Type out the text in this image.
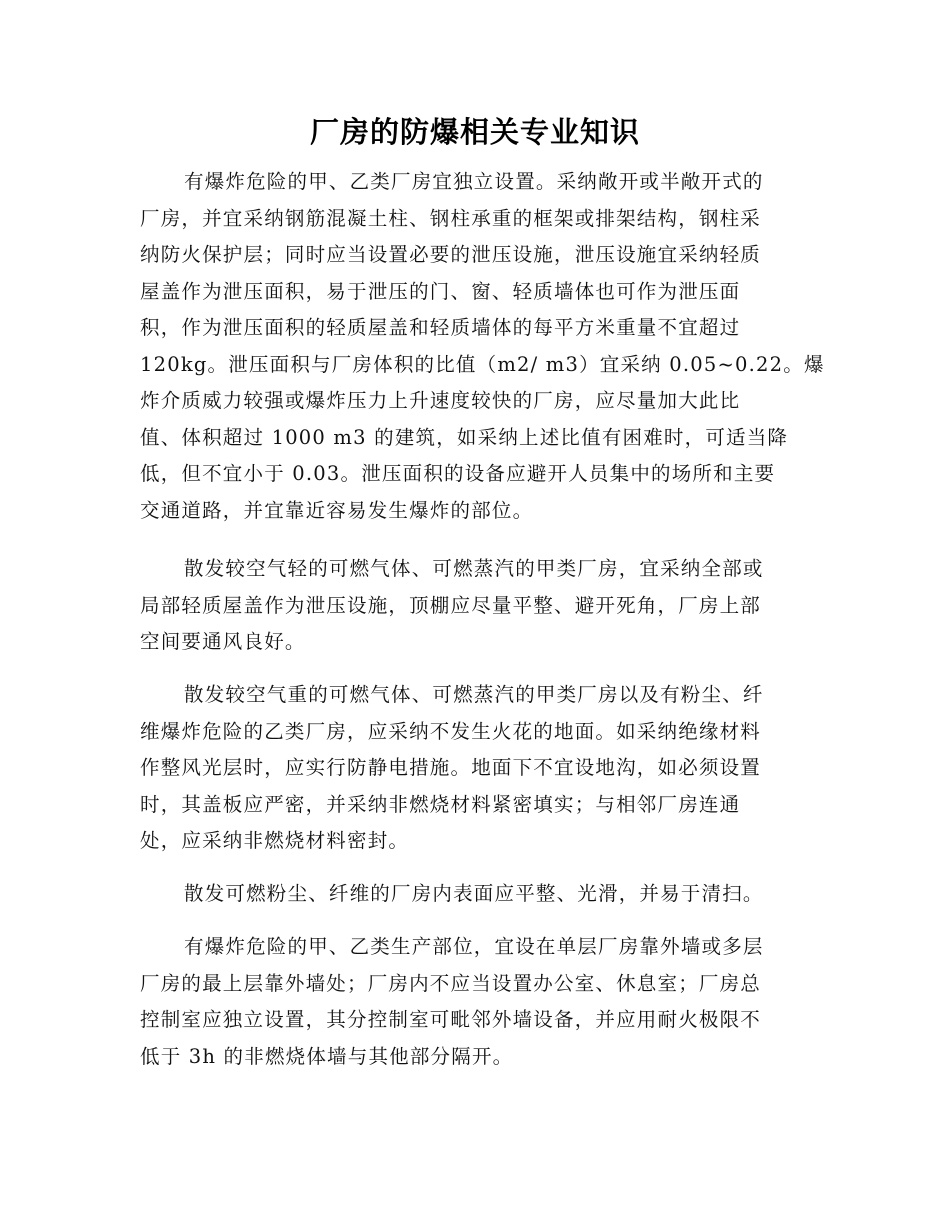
厂房的防爆相关专业知识

有爆炸危险的甲、乙类厂房宜独立设置。采纳敞开或半敞开式的
厂房，并宜采纳钢筋混凝土柱、钢柱承重的框架或排架结构，钢柱采
纳防火保护层；同时应当设置必要的泄压设施，泄压设施宜采纳轻质
屋盖作为泄压面积，易于泄压的门、窗、轻质墙体也可作为泄压面
积，作为泄压面积的轻质屋盖和轻质墙体的每平方米重量不宜超过
120kg。泄压面积与厂房体积的比值（m2/ m3）宜采纳 0.05~0.22。爆
炸介质威力较强或爆炸压力上升速度较快的厂房，应尽量加大此比
值、体积超过 1000 m3 的建筑，如采纳上述比值有困难时，可适当降
低，但不宜小于 0.03。泄压面积的设备应避开人员集中的场所和主要
交通道路，并宜靠近容易发生爆炸的部位。

散发较空气轻的可燃气体、可燃蒸汽的甲类厂房，宜采纳全部或
局部轻质屋盖作为泄压设施，顶棚应尽量平整、避开死角，厂房上部
空间要通风良好。

散发较空气重的可燃气体、可燃蒸汽的甲类厂房以及有粉尘、纤
维爆炸危险的乙类厂房，应采纳不发生火花的地面。如采纳绝缘材料
作整风光层时，应实行防静电措施。地面下不宜设地沟，如必须设置
时，其盖板应严密，并采纳非燃烧材料紧密填实；与相邻厂房连通
处，应采纳非燃烧材料密封。

散发可燃粉尘、纤维的厂房内表面应平整、光滑，并易于清扫。

有爆炸危险的甲、乙类生产部位，宜设在单层厂房靠外墙或多层
厂房的最上层靠外墙处；厂房内不应当设置办公室、休息室；厂房总
控制室应独立设置，其分控制室可毗邻外墙设备，并应用耐火极限不
低于 3h 的非燃烧体墙与其他部分隔开。
